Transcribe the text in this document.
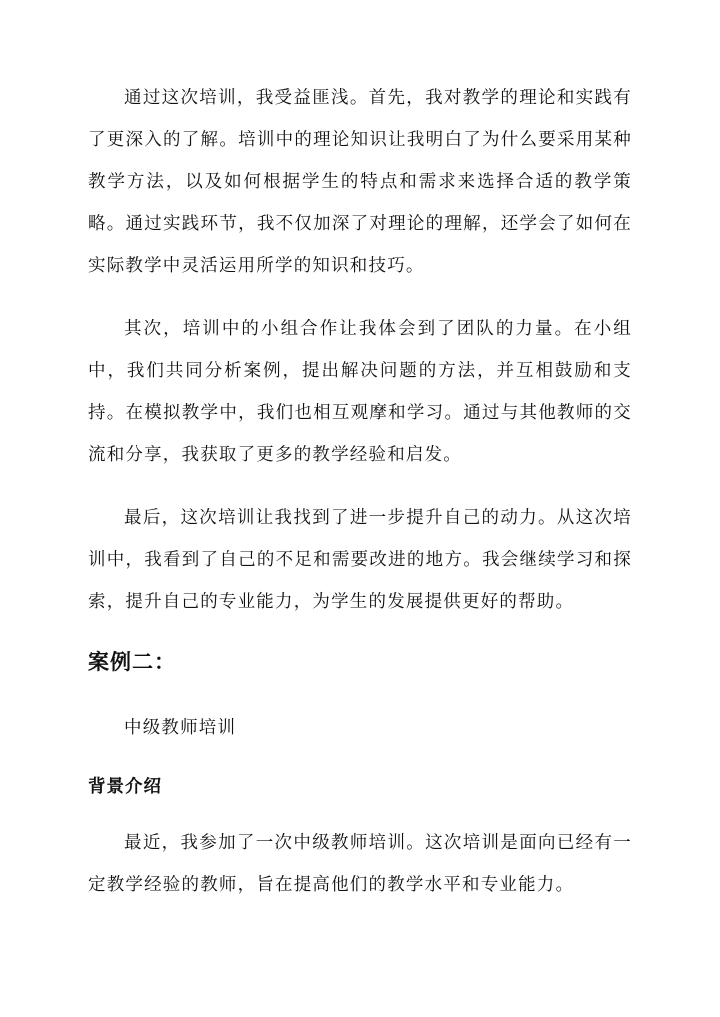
通过这次培训，我受益匪浅。首先，我对教学的理论和实践有了更深入的了解。培训中的理论知识让我明白了为什么要采用某种教学方法，以及如何根据学生的特点和需求来选择合适的教学策略。通过实践环节，我不仅加深了对理论的理解，还学会了如何在实际教学中灵活运用所学的知识和技巧。

其次，培训中的小组合作让我体会到了团队的力量。在小组中，我们共同分析案例，提出解决问题的方法，并互相鼓励和支持。在模拟教学中，我们也相互观摩和学习。通过与其他教师的交流和分享，我获取了更多的教学经验和启发。

最后，这次培训让我找到了进一步提升自己的动力。从这次培训中，我看到了自己的不足和需要改进的地方。我会继续学习和探索，提升自己的专业能力，为学生的发展提供更好的帮助。

案例二：

中级教师培训

背景介绍

最近，我参加了一次中级教师培训。这次培训是面向已经有一定教学经验的教师，旨在提高他们的教学水平和专业能力。
